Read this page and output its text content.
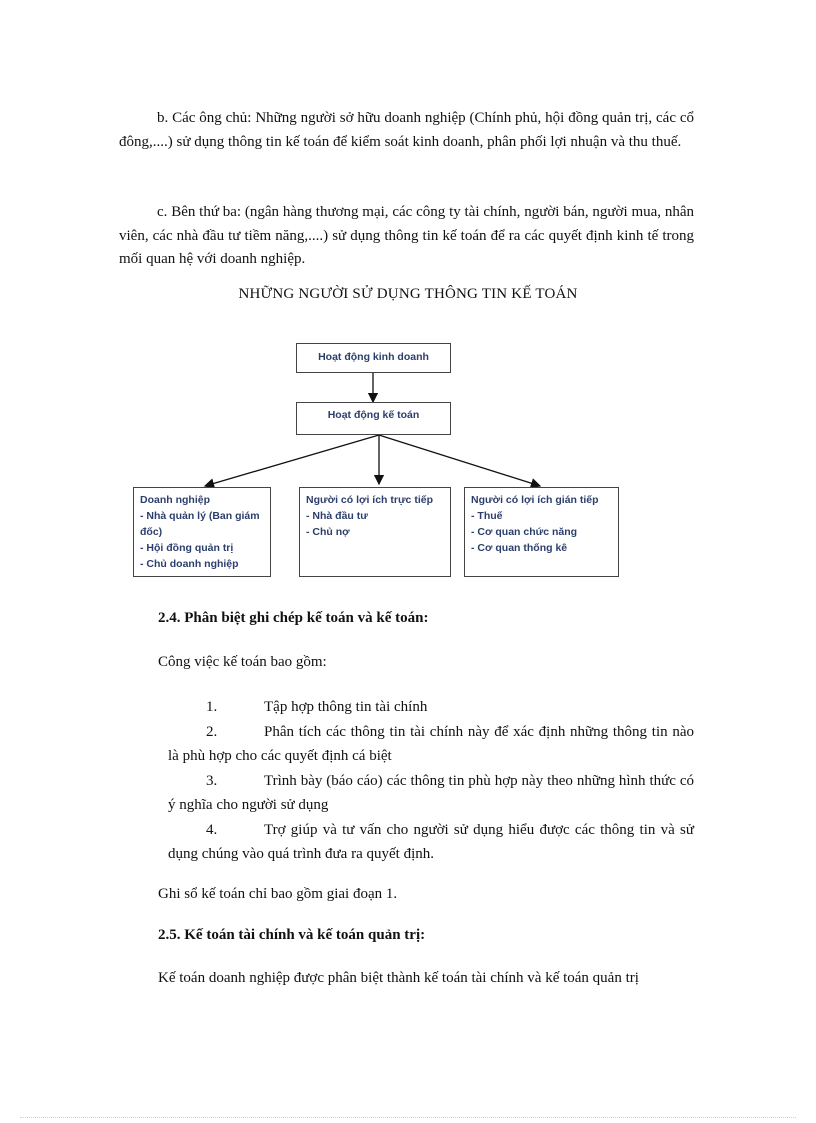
b. Các ông chủ: Những người sở hữu doanh nghiệp (Chính phủ, hội đồng quản trị, các cổ đông,....) sử dụng thông tin kế toán để kiểm soát kinh doanh, phân phối lợi nhuận và thu thuế.
c. Bên thứ ba: (ngân hàng thương mại, các công ty tài chính, người bán, người mua, nhân viên, các nhà đầu tư tiềm năng,....) sử dụng thông tin kế toán để ra các quyết định kinh tế trong mối quan hệ với doanh nghiệp.
NHỮNG NGƯỜI SỬ DỤNG THÔNG TIN KẾ TOÁN
Hoạt động kinh doanh
Hoạt động kế toán
Doanh nghiệp
- Nhà quản lý (Ban giám đốc)
- Hội đồng quản trị
- Chủ doanh nghiệp
Người có lợi ích trực tiếp
- Nhà đầu tư
- Chủ nợ
Người có lợi ích gián tiếp
- Thuế
- Cơ quan chức năng
- Cơ quan thống kê
2.4. Phân biệt ghi chép kế toán và kế toán:
Công việc kế toán bao gồm:
1.	Tập hợp thông tin tài chính
2.	Phân tích các thông tin tài chính này để xác định những thông tin nào là phù hợp cho các quyết định cá biệt
3.	Trình bày (báo cáo) các thông tin phù hợp này theo những hình thức có ý nghĩa cho người sử dụng
4.	Trợ giúp và tư vấn cho người sử dụng hiểu được các thông tin và sử dụng chúng vào quá trình đưa ra quyết định.
Ghi sổ kế toán chỉ bao gồm giai đoạn 1.
2.5. Kế toán tài chính và kế toán quản trị:
Kế toán doanh nghiệp được phân biệt thành kế toán tài chính và kế toán quản trị
